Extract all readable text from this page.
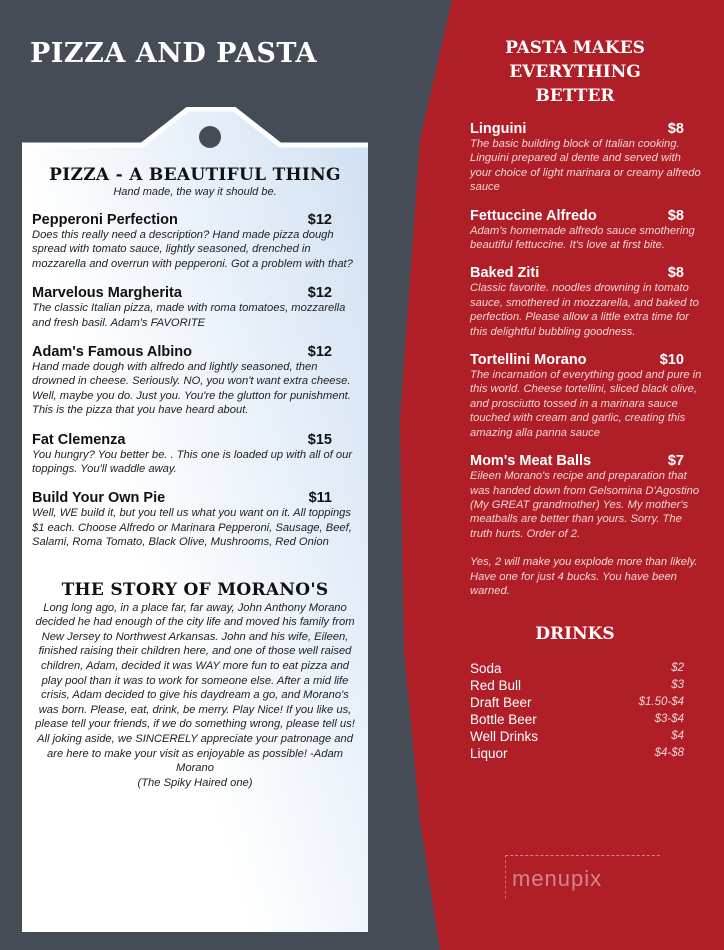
PIZZA AND PASTA
PIZZA - A BEAUTIFUL THING
Hand made, the way it should be.
Pepperoni Perfection	$12
Does this really need a description? Hand made pizza dough spread with tomato sauce, lightly seasoned, drenched in mozzarella and overrun with pepperoni. Got a problem with that?
Marvelous Margherita	$12
The classic Italian pizza, made with roma tomatoes, mozzarella and fresh basil. Adam's FAVORITE
Adam's Famous Albino	$12
Hand made dough with alfredo and lightly seasoned, then drowned in cheese. Seriously. NO, you won't want extra cheese. Well, maybe you do. Just you. You're the glutton for punishment. This is the pizza that you have heard about.
Fat Clemenza	$15
You hungry? You better be. . This one is loaded up with all of our toppings. You'll waddle away.
Build Your Own Pie	$11
Well, WE build it, but you tell us what you want on it. All toppings $1 each. Choose Alfredo or Marinara Pepperoni, Sausage, Beef, Salami, Roma Tomato, Black Olive, Mushrooms, Red Onion
THE STORY OF MORANO'S
Long long ago, in a place far, far away, John Anthony Morano decided he had enough of the city life and moved his family from New Jersey to Northwest Arkansas. John and his wife, Eileen, finished raising their children here, and one of those well raised children, Adam, decided it was WAY more fun to eat pizza and play pool than it was to work for someone else. After a mid life crisis, Adam decided to give his daydream a go, and Morano's was born. Please, eat, drink, be merry. Play Nice! If you like us, please tell your friends, if we do something wrong, please tell us! All joking aside, we SINCERELY appreciate your patronage and are here to make your visit as enjoyable as possible! -Adam Morano
(The Spiky Haired one)
PASTA MAKES EVERYTHING BETTER
Linguini	$8
The basic building block of Italian cooking. Linguini prepared al dente and served with your choice of light marinara or creamy alfredo sauce
Fettuccine Alfredo	$8
Adam's homemade alfredo sauce smothering beautiful fettuccine. It's love at first bite.
Baked Ziti	$8
Classic favorite. noodles drowning in tomato sauce, smothered in mozzarella, and baked to perfection. Please allow a little extra time for this delightful bubbling goodness.
Tortellini Morano	$10
The incarnation of everything good and pure in this world. Cheese tortellini, sliced black olive, and prosciutto tossed in a marinara sauce touched with cream and garlic, creating this amazing alla panna sauce
Mom's Meat Balls	$7
Eileen Morano's recipe and preparation that was handed down from Gelsomina D'Agostino (My GREAT grandmother) Yes. My mother's meatballs are better than yours. Sorry. The truth hurts. Order of 2.
Yes, 2 will make you explode more than likely. Have one for just 4 bucks. You have been warned.
DRINKS
Soda	$2
Red Bull	$3
Draft Beer	$1.50-$4
Bottle Beer	$3-$4
Well Drinks	$4
Liquor	$4-$8
menupix
